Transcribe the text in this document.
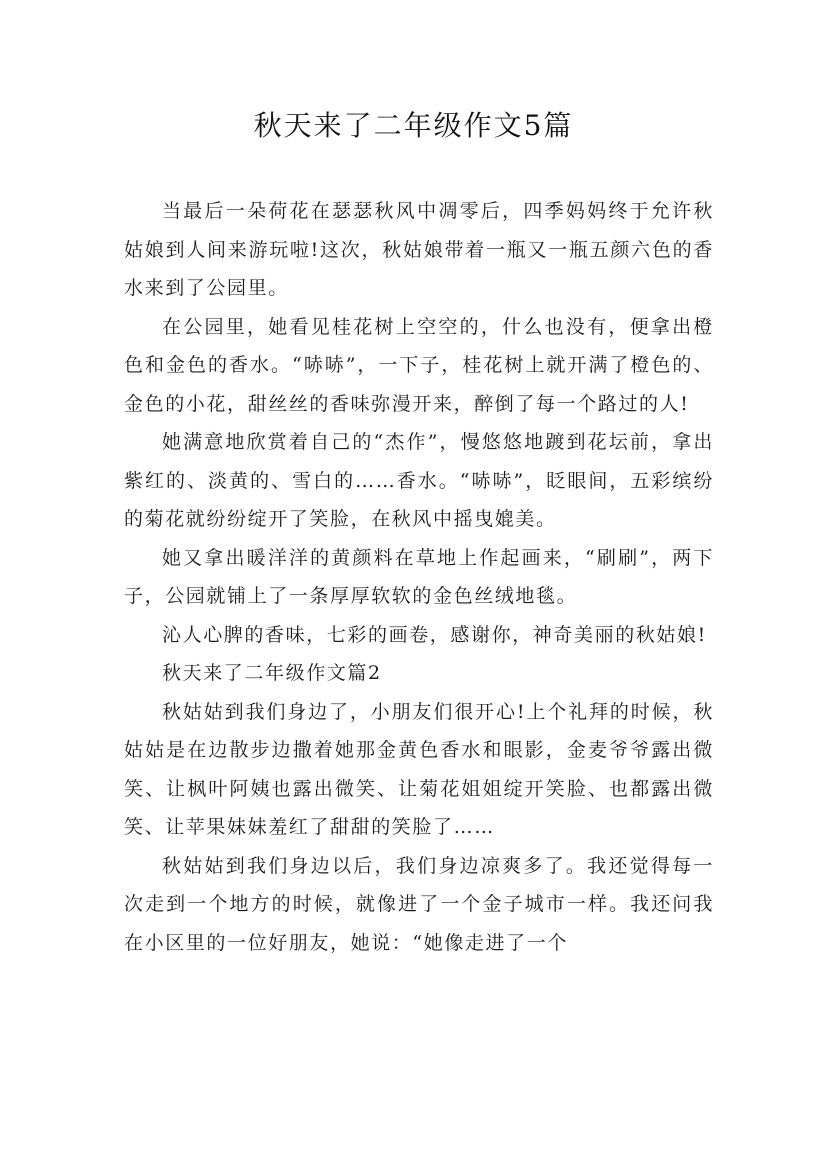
秋天来了二年级作文5篇

当最后一朵荷花在瑟瑟秋风中凋零后，四季妈妈终于允许秋姑娘到人间来游玩啦!这次，秋姑娘带着一瓶又一瓶五颜六色的香水来到了公园里。

在公园里，她看见桂花树上空空的，什么也没有，便拿出橙色和金色的香水。“哧哧”，一下子，桂花树上就开满了橙色的、金色的小花，甜丝丝的香味弥漫开来，醉倒了每一个路过的人!

她满意地欣赏着自己的“杰作”，慢悠悠地踱到花坛前，拿出紫红的、淡黄的、雪白的……香水。“哧哧”，眨眼间，五彩缤纷的菊花就纷纷绽开了笑脸，在秋风中摇曳媲美。

她又拿出暖洋洋的黄颜料在草地上作起画来，“刷刷”，两下子，公园就铺上了一条厚厚软软的金色丝绒地毯。

沁人心脾的香味，七彩的画卷，感谢你，神奇美丽的秋姑娘!

秋天来了二年级作文篇2

秋姑姑到我们身边了，小朋友们很开心!上个礼拜的时候，秋姑姑是在边散步边撒着她那金黄色香水和眼影，金麦爷爷露出微笑、让枫叶阿姨也露出微笑、让菊花姐姐绽开笑脸、也都露出微笑、让苹果妹妹羞红了甜甜的笑脸了……

秋姑姑到我们身边以后，我们身边凉爽多了。我还觉得每一次走到一个地方的时候，就像进了一个金子城市一样。我还问我在小区里的一位好朋友，她说：“她像走进了一个
